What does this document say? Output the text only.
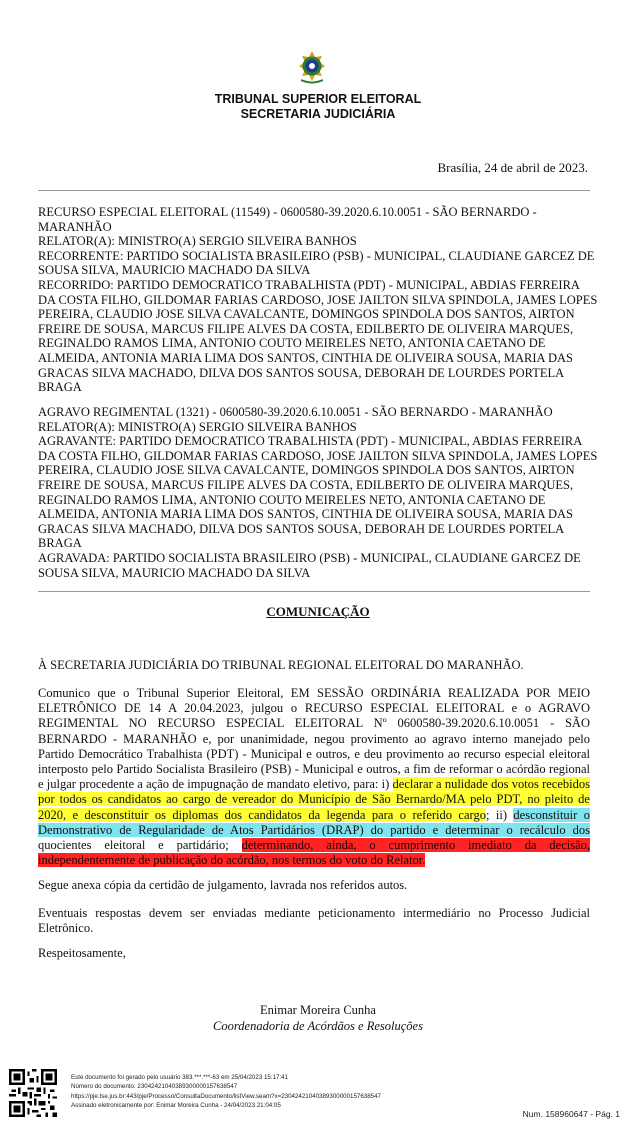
TRIBUNAL SUPERIOR ELEITORAL
SECRETARIA JUDICIÁRIA
Brasília, 24 de abril de 2023.
RECURSO ESPECIAL ELEITORAL (11549) - 0600580-39.2020.6.10.0051 - SÃO BERNARDO - MARANHÃO
RELATOR(A): MINISTRO(A) SERGIO SILVEIRA BANHOS
RECORRENTE: PARTIDO SOCIALISTA BRASILEIRO (PSB) - MUNICIPAL, CLAUDIANE GARCEZ DE SOUSA SILVA, MAURICIO MACHADO DA SILVA
RECORRIDO: PARTIDO DEMOCRATICO TRABALHISTA (PDT) - MUNICIPAL, ABDIAS FERREIRA DA COSTA FILHO, GILDOMAR FARIAS CARDOSO, JOSE JAILTON SILVA SPINDOLA, JAMES LOPES PEREIRA, CLAUDIO JOSE SILVA CAVALCANTE, DOMINGOS SPINDOLA DOS SANTOS, AIRTON FREIRE DE SOUSA, MARCUS FILIPE ALVES DA COSTA, EDILBERTO DE OLIVEIRA MARQUES, REGINALDO RAMOS LIMA, ANTONIO COUTO MEIRELES NETO, ANTONIA CAETANO DE ALMEIDA, ANTONIA MARIA LIMA DOS SANTOS, CINTHIA DE OLIVEIRA SOUSA, MARIA DAS GRACAS SILVA MACHADO, DILVA DOS SANTOS SOUSA, DEBORAH DE LOURDES PORTELA BRAGA
AGRAVO REGIMENTAL (1321) - 0600580-39.2020.6.10.0051 - SÃO BERNARDO - MARANHÃO
RELATOR(A): MINISTRO(A) SERGIO SILVEIRA BANHOS
AGRAVANTE: PARTIDO DEMOCRATICO TRABALHISTA (PDT) - MUNICIPAL, ABDIAS FERREIRA DA COSTA FILHO, GILDOMAR FARIAS CARDOSO, JOSE JAILTON SILVA SPINDOLA, JAMES LOPES PEREIRA, CLAUDIO JOSE SILVA CAVALCANTE, DOMINGOS SPINDOLA DOS SANTOS, AIRTON FREIRE DE SOUSA, MARCUS FILIPE ALVES DA COSTA, EDILBERTO DE OLIVEIRA MARQUES, REGINALDO RAMOS LIMA, ANTONIO COUTO MEIRELES NETO, ANTONIA CAETANO DE ALMEIDA, ANTONIA MARIA LIMA DOS SANTOS, CINTHIA DE OLIVEIRA SOUSA, MARIA DAS GRACAS SILVA MACHADO, DILVA DOS SANTOS SOUSA, DEBORAH DE LOURDES PORTELA BRAGA
AGRAVADA: PARTIDO SOCIALISTA BRASILEIRO (PSB) - MUNICIPAL, CLAUDIANE GARCEZ DE SOUSA SILVA, MAURICIO MACHADO DA SILVA
COMUNICAÇÃO
À SECRETARIA JUDICIÁRIA DO TRIBUNAL REGIONAL ELEITORAL DO MARANHÃO.
Comunico que o Tribunal Superior Eleitoral, EM SESSÃO ORDINÁRIA REALIZADA POR MEIO ELETRÔNICO DE 14 A 20.04.2023, julgou o RECURSO ESPECIAL ELEITORAL e o AGRAVO REGIMENTAL NO RECURSO ESPECIAL ELEITORAL Nº 0600580-39.2020.6.10.0051 - SÃO BERNARDO - MARANHÃO e, por unanimidade, negou provimento ao agravo interno manejado pelo Partido Democrático Trabalhista (PDT) - Municipal e outros, e deu provimento ao recurso especial eleitoral interposto pelo Partido Socialista Brasileiro (PSB) - Municipal e outros, a fim de reformar o acórdão regional e julgar procedente a ação de impugnação de mandato eletivo, para: i) declarar a nulidade dos votos recebidos por todos os candidatos ao cargo de vereador do Município de São Bernardo/MA pelo PDT, no pleito de 2020, e desconstituir os diplomas dos candidatos da legenda para o referido cargo; ii) desconstituir o Demonstrativo de Regularidade de Atos Partidários (DRAP) do partido e determinar o recálculo dos quocientes eleitoral e partidário; determinando, ainda, o cumprimento imediato da decisão, independentemente de publicação do acórdão, nos termos do voto do Relator.
Segue anexa cópia da certidão de julgamento, lavrada nos referidos autos.
Eventuais respostas devem ser enviadas mediante peticionamento intermediário no Processo Judicial Eletrônico.
Respeitosamente,
Enimar Moreira Cunha
Coordenadoria de Acórdãos e Resoluções
Este documento foi gerado pelo usuário 383.***.***-63 em 25/04/2023 15:17:41
Número do documento: 23042421040389300000157638547
https://pje.tse.jus.br:443/pje/Processo/ConsultaDocumento/listView.seam?x=23042421040389300000157638547
Assinado eletronicamente por: Enimar Moreira Cunha - 24/04/2023 21:04:05
Num. 158960647 - Pág. 1
